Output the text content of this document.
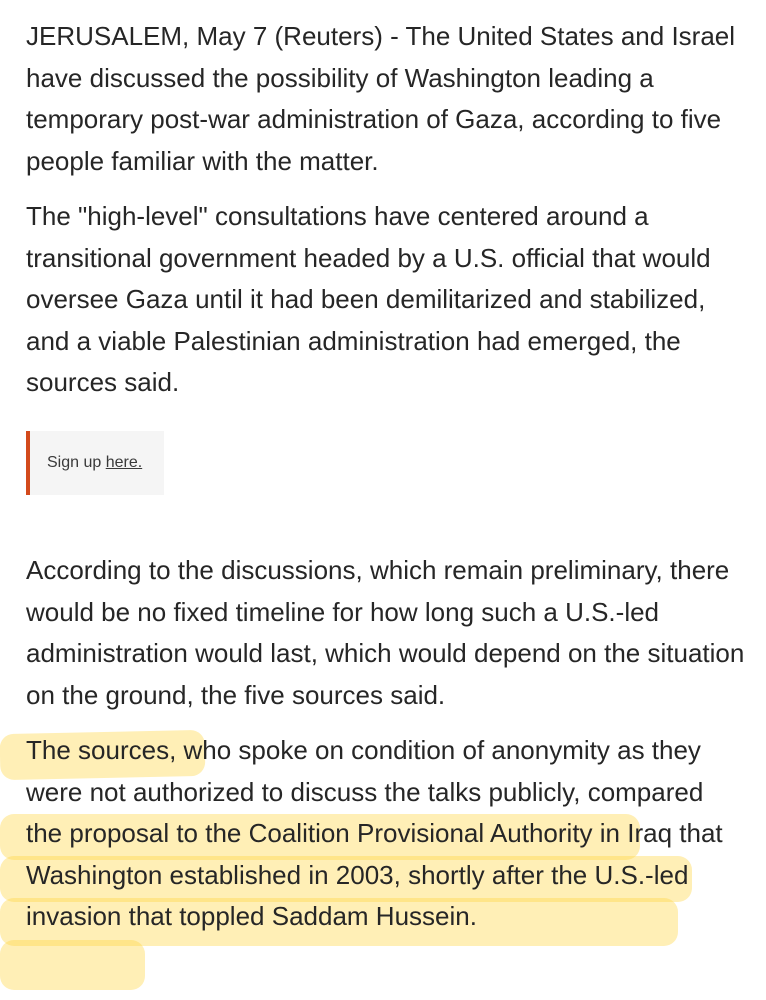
JERUSALEM, May 7 (Reuters) - The United States and Israel have discussed the possibility of Washington leading a temporary post-war administration of Gaza, according to five people familiar with the matter.

The "high-level" consultations have centered around a transitional government headed by a U.S. official that would oversee Gaza until it had been demilitarized and stabilized, and a viable Palestinian administration had emerged, the sources said.

Sign up here.

According to the discussions, which remain preliminary, there would be no fixed timeline for how long such a U.S.-led administration would last, which would depend on the situation on the ground, the five sources said.

The sources, who spoke on condition of anonymity as they were not authorized to discuss the talks publicly, compared the proposal to the Coalition Provisional Authority in Iraq that Washington established in 2003, shortly after the U.S.-led invasion that toppled Saddam Hussein.
